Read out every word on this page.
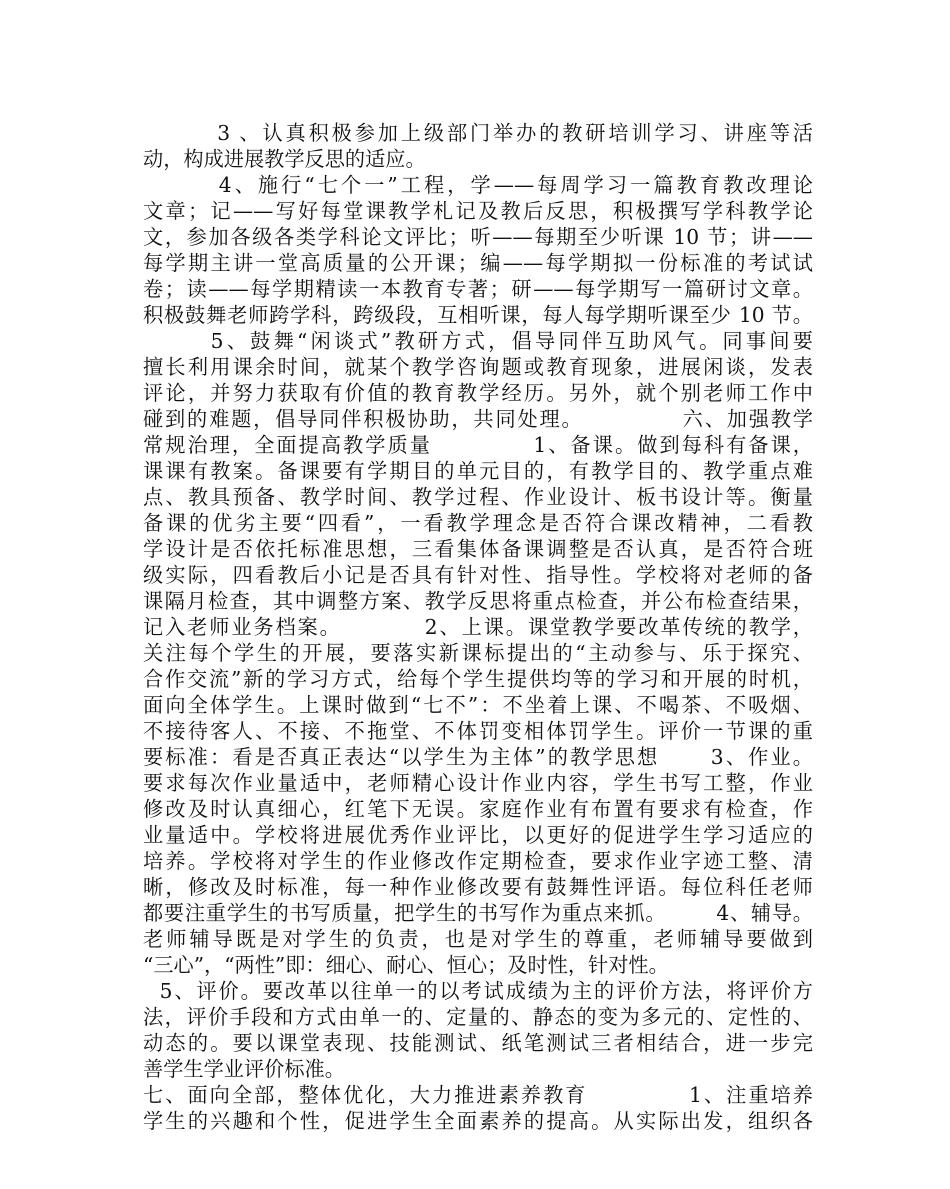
3 、认真积极参加上级部门举办的教研培训学习、讲座等活
动，构成进展教学反思的适应。
4、施行“七个一”工程，学——每周学习一篇教育教改理论
文章；记——写好每堂课教学札记及教后反思，积极撰写学科教学论
文，参加各级各类学科论文评比；听——每期至少听课 10 节；讲——
每学期主讲一堂高质量的公开课；编——每学期拟一份标准的考试试
卷；读——每学期精读一本教育专著；研——每学期写一篇研讨文章。
积极鼓舞老师跨学科，跨级段，互相听课，每人每学期听课至少 10 节。
5、鼓舞“闲谈式”教研方式，倡导同伴互助风气。同事间要
擅长利用课余时间，就某个教学咨询题或教育现象，进展闲谈，发表
评论，并努力获取有价值的教育教学经历。另外，就个别老师工作中
碰到的难题，倡导同伴积极协助，共同处理。            六、加强教学
常规治理，全面提高教学质量            1、备课。做到每科有备课，
课课有教案。备课要有学期目的单元目的，有教学目的、教学重点难
点、教具预备、教学时间、教学过程、作业设计、板书设计等。衡量
备课的优劣主要“四看”，一看教学理念是否符合课改精神，二看教
学设计是否依托标准思想，三看集体备课调整是否认真，是否符合班
级实际，四看教后小记是否具有针对性、指导性。学校将对老师的备
课隔月检查，其中调整方案、教学反思将重点检查，并公布检查结果，
记入老师业务档案。          2、上课。课堂教学要改革传统的教学，
关注每个学生的开展，要落实新课标提出的“主动参与、乐于探究、
合作交流”新的学习方式，给每个学生提供均等的学习和开展的时机，
面向全体学生。上课时做到“七不”：不坐着上课、不喝茶、不吸烟、
不接待客人、不接、不拖堂、不体罚变相体罚学生。评价一节课的重
要标准：看是否真正表达“以学生为主体”的教学思想      3、作业。
要求每次作业量适中，老师精心设计作业内容，学生书写工整，作业
修改及时认真细心，红笔下无误。家庭作业有布置有要求有检查，作
业量适中。学校将进展优秀作业评比，以更好的促进学生学习适应的
培养。学校将对学生的作业修改作定期检查，要求作业字迹工整、清
晰，修改及时标准，每一种作业修改要有鼓舞性评语。每位科任老师
都要注重学生的书写质量，把学生的书写作为重点来抓。       4、辅导。
老师辅导既是对学生的负责，也是对学生的尊重，老师辅导要做到
“三心”，“两性”即：细心、耐心、恒心；及时性，针对性。
5、评价。要改革以往单一的以考试成绩为主的评价方法，将评价方
法，评价手段和方式由单一的、定量的、静态的变为多元的、定性的、
动态的。要以课堂表现、技能测试、纸笔测试三者相结合，进一步完
善学生学业评价标准。
七、面向全部，整体优化，大力推进素养教育            1、注重培养
学生的兴趣和个性，促进学生全面素养的提高。从实际出发，组织各
